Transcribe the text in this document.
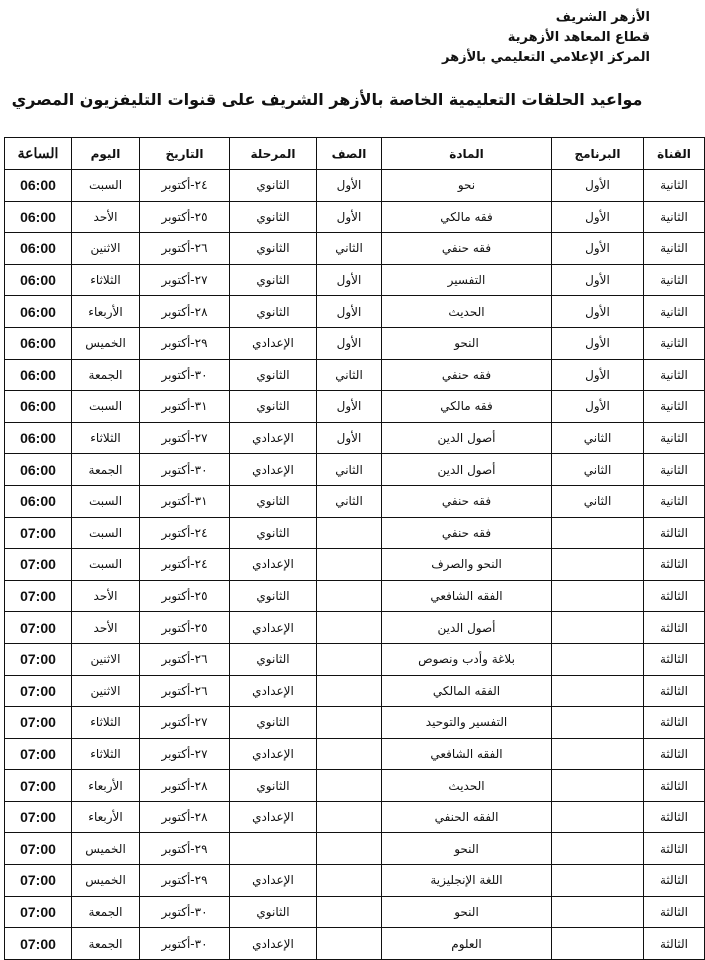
الأزهر الشريف
قطاع المعاهد الأزهرية
المركز الإعلامي التعليمي بالأزهر
مواعيد الحلقات التعليمية الخاصة بالأزهر الشريف على قنوات التليفزيون المصري
القناة	البرنامج	المادة	الصف	المرحلة	التاريخ	اليوم	الساعة
الثانية	الأول	نحو	الأول	الثانوي	٢٤-أكتوبر	السبت	06:00
الثانية	الأول	فقه مالكي	الأول	الثانوي	٢٥-أكتوبر	الأحد	06:00
الثانية	الأول	فقه حنفي	الثاني	الثانوي	٢٦-أكتوبر	الاثنين	06:00
الثانية	الأول	التفسير	الأول	الثانوي	٢٧-أكتوبر	الثلاثاء	06:00
الثانية	الأول	الحديث	الأول	الثانوي	٢٨-أكتوبر	الأربعاء	06:00
الثانية	الأول	النحو	الأول	الإعدادي	٢٩-أكتوبر	الخميس	06:00
الثانية	الأول	فقه حنفي	الثاني	الثانوي	٣٠-أكتوبر	الجمعة	06:00
الثانية	الأول	فقه مالكي	الأول	الثانوي	٣١-أكتوبر	السبت	06:00
الثانية	الثاني	أصول الدين	الأول	الإعدادي	٢٧-أكتوبر	الثلاثاء	06:00
الثانية	الثاني	أصول الدين	الثاني	الإعدادي	٣٠-أكتوبر	الجمعة	06:00
الثانية	الثاني	فقه حنفي	الثاني	الثانوي	٣١-أكتوبر	السبت	06:00
الثالثة		فقه حنفي		الثانوي	٢٤-أكتوبر	السبت	07:00
الثالثة		النحو والصرف		الإعدادي	٢٤-أكتوبر	السبت	07:00
الثالثة		الفقه الشافعي		الثانوي	٢٥-أكتوبر	الأحد	07:00
الثالثة		أصول الدين		الإعدادي	٢٥-أكتوبر	الأحد	07:00
الثالثة		بلاغة وأدب ونصوص		الثانوي	٢٦-أكتوبر	الاثنين	07:00
الثالثة		الفقه المالكي		الإعدادي	٢٦-أكتوبر	الاثنين	07:00
الثالثة		التفسير والتوحيد		الثانوي	٢٧-أكتوبر	الثلاثاء	07:00
الثالثة		الفقه الشافعي		الإعدادي	٢٧-أكتوبر	الثلاثاء	07:00
الثالثة		الحديث		الثانوي	٢٨-أكتوبر	الأربعاء	07:00
الثالثة		الفقه الحنفي		الإعدادي	٢٨-أكتوبر	الأربعاء	07:00
الثالثة		النحو			٢٩-أكتوبر	الخميس	07:00
الثالثة		اللغة الإنجليزية		الإعدادي	٢٩-أكتوبر	الخميس	07:00
الثالثة		النحو		الثانوي	٣٠-أكتوبر	الجمعة	07:00
الثالثة		العلوم		الإعدادي	٣٠-أكتوبر	الجمعة	07:00
